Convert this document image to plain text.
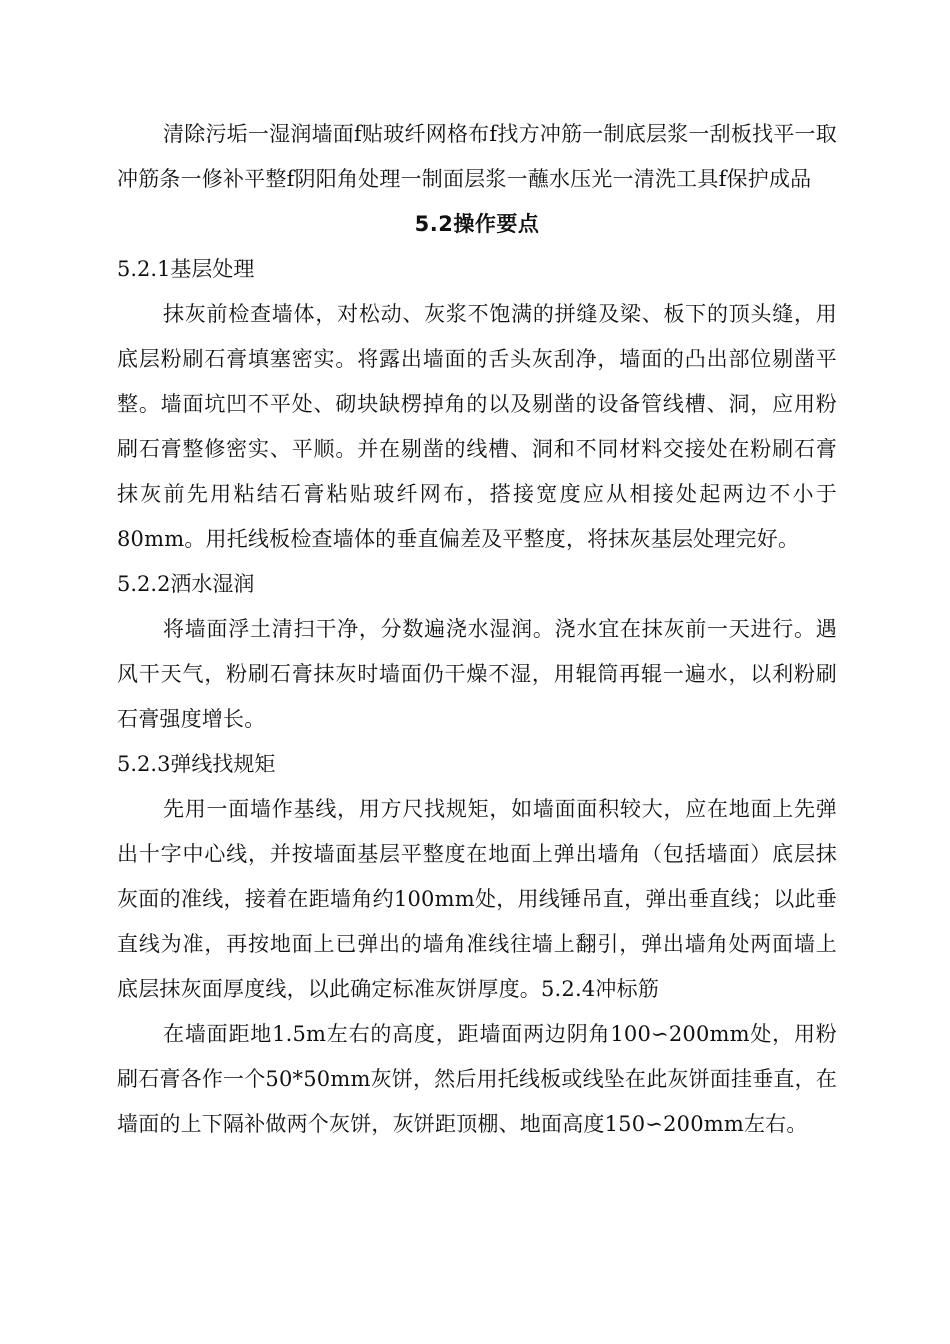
清除污垢一湿润墙面f贴玻纤网格布f找方冲筋一制底层浆一刮板找平一取冲筋条一修补平整f阴阳角处理一制面层浆一蘸水压光一清洗工具f保护成品

5.2操作要点

5.2.1基层处理

抹灰前检查墙体，对松动、灰浆不饱满的拼缝及梁、板下的顶头缝，用底层粉刷石膏填塞密实。将露出墙面的舌头灰刮净，墙面的凸出部位剔凿平整。墙面坑凹不平处、砌块缺楞掉角的以及剔凿的设备管线槽、洞，应用粉刷石膏整修密实、平顺。并在剔凿的线槽、洞和不同材料交接处在粉刷石膏抹灰前先用粘结石膏粘贴玻纤网布，搭接宽度应从相接处起两边不小于80mm。用托线板检查墙体的垂直偏差及平整度，将抹灰基层处理完好。

5.2.2洒水湿润

将墙面浮土清扫干净，分数遍浇水湿润。浇水宜在抹灰前一天进行。遇风干天气，粉刷石膏抹灰时墙面仍干燥不湿，用辊筒再辊一遍水，以利粉刷石膏强度增长。

5.2.3弹线找规矩

先用一面墙作基线，用方尺找规矩，如墙面面积较大，应在地面上先弹出十字中心线，并按墙面基层平整度在地面上弹出墙角（包括墙面）底层抹灰面的准线，接着在距墙角约100mm处，用线锤吊直，弹出垂直线；以此垂直线为准，再按地面上已弹出的墙角准线往墙上翻引，弹出墙角处两面墙上底层抹灰面厚度线，以此确定标准灰饼厚度。5.2.4冲标筋

在墙面距地1.5m左右的高度，距墙面两边阴角100∽200mm处，用粉刷石膏各作一个50*50mm灰饼，然后用托线板或线坠在此灰饼面挂垂直，在墙面的上下隔补做两个灰饼，灰饼距顶棚、地面高度150∽200mm左右。
